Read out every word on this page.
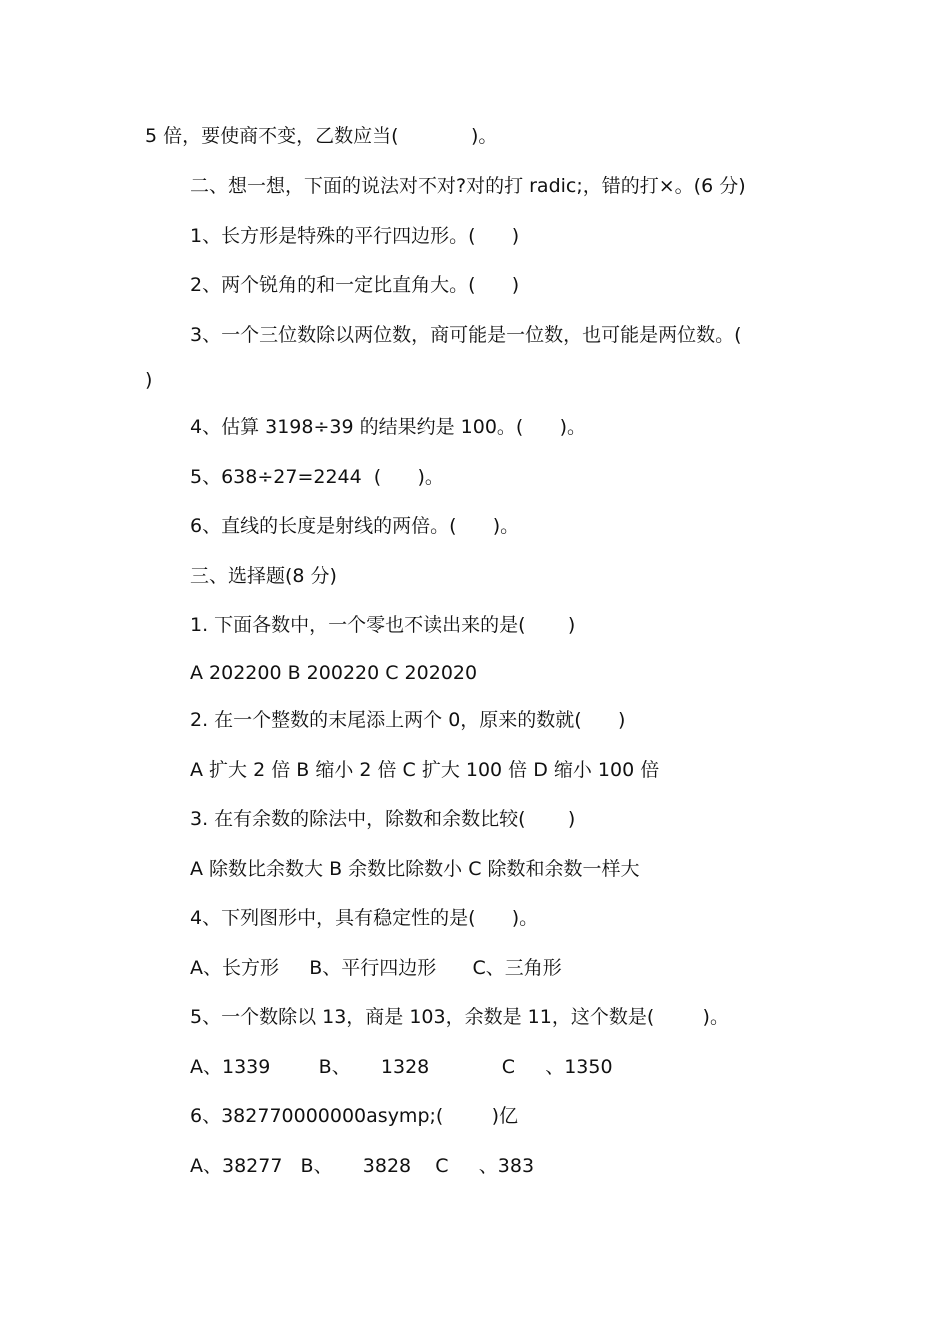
5 倍，要使商不变，乙数应当(            )。
二、想一想，下面的说法对不对?对的打 radic;，错的打×。(6 分)
1、长方形是特殊的平行四边形。(      )
2、两个锐角的和一定比直角大。(      )
3、一个三位数除以两位数，商可能是一位数，也可能是两位数。(
)
4、估算 3198÷39 的结果约是 100。(      )。
5、638÷27=2244  (      )。
6、直线的长度是射线的两倍。(      )。
三、选择题(8 分)
1. 下面各数中，一个零也不读出来的是(       )
A 202200 B 200220 C 202020
2. 在一个整数的末尾添上两个 0，原来的数就(      )
A 扩大 2 倍 B 缩小 2 倍 C 扩大 100 倍 D 缩小 100 倍
3. 在有余数的除法中，除数和余数比较(       )
A 除数比余数大 B 余数比除数小 C 除数和余数一样大
4、下列图形中，具有稳定性的是(      )。
A、长方形     B、平行四边形      C、三角形
5、一个数除以 13，商是 103，余数是 11，这个数是(        )。
A、1339        B、     1328            C     、1350
6、382770000000asymp;(        )亿
A、38277   B、     3828    C     、383
